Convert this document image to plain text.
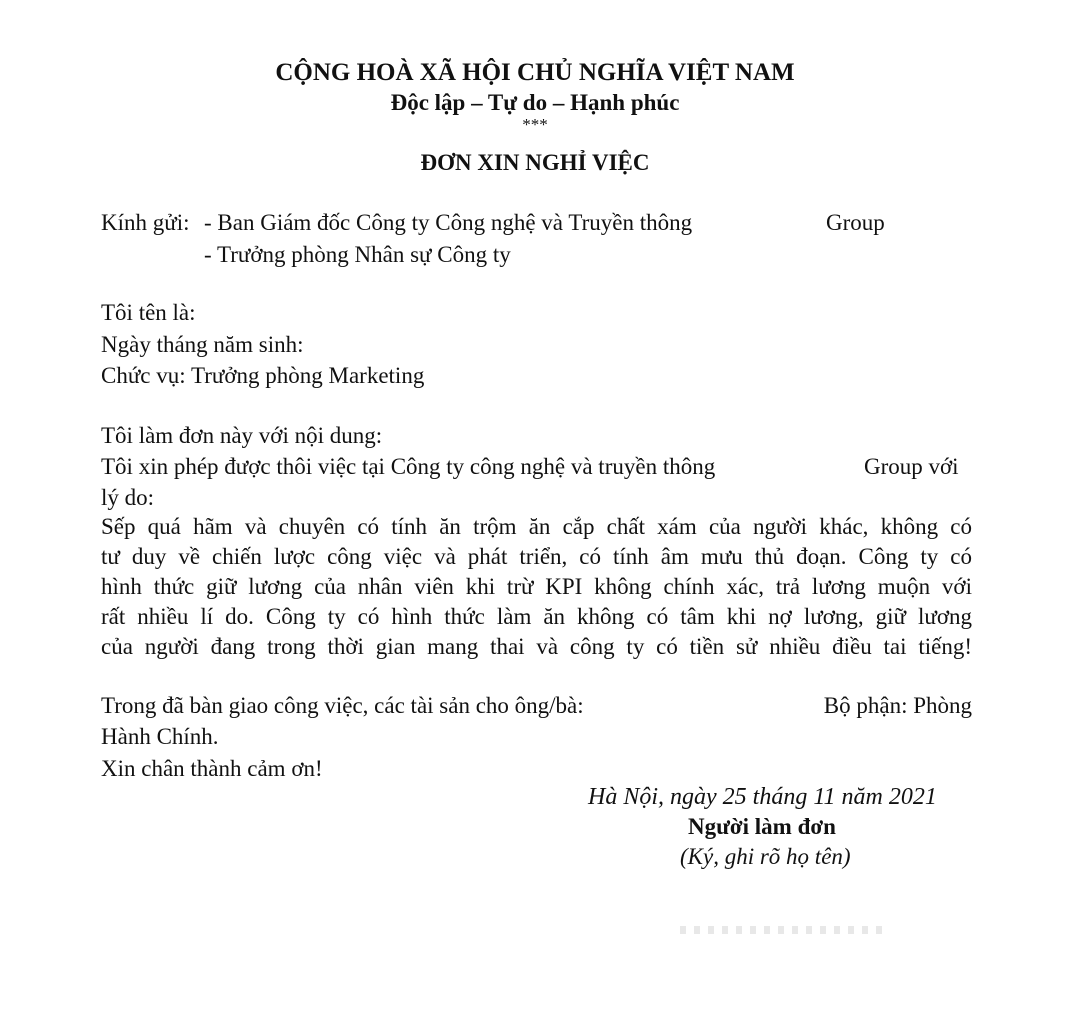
CỘNG HOÀ XÃ HỘI CHỦ NGHĨA VIỆT NAM
Độc lập – Tự do – Hạnh phúc
***
ĐƠN XIN NGHỈ VIỆC
Kính gửi: - Ban Giám đốc Công ty Công nghệ và Truyền thông	Group
- Trưởng phòng Nhân sự Công ty
Tôi tên là:
Ngày tháng năm sinh:
Chức vụ: Trưởng phòng Marketing
Tôi làm đơn này với nội dung:
Tôi xin phép được thôi việc tại Công ty công nghệ và truyền thông	Group với
lý do:
Sếp quá hãm và chuyên có tính ăn trộm ăn cắp chất xám của người khác, không có
tư duy về chiến lược công việc và phát triển, có tính âm mưu thủ đoạn. Công ty có
hình thức giữ lương của nhân viên khi trừ KPI không chính xác, trả lương muộn với
rất nhiều lí do. Công ty có hình thức làm ăn không có tâm khi nợ lương, giữ lương
của người đang trong thời gian mang thai và công ty có tiền sử nhiều điều tai tiếng!
Trong đã bàn giao công việc, các tài sản cho ông/bà:	Bộ phận: Phòng
Hành Chính.
Xin chân thành cảm ơn!
Hà Nội, ngày 25 tháng 11 năm 2021
Người làm đơn
(Ký, ghi rõ họ tên)
